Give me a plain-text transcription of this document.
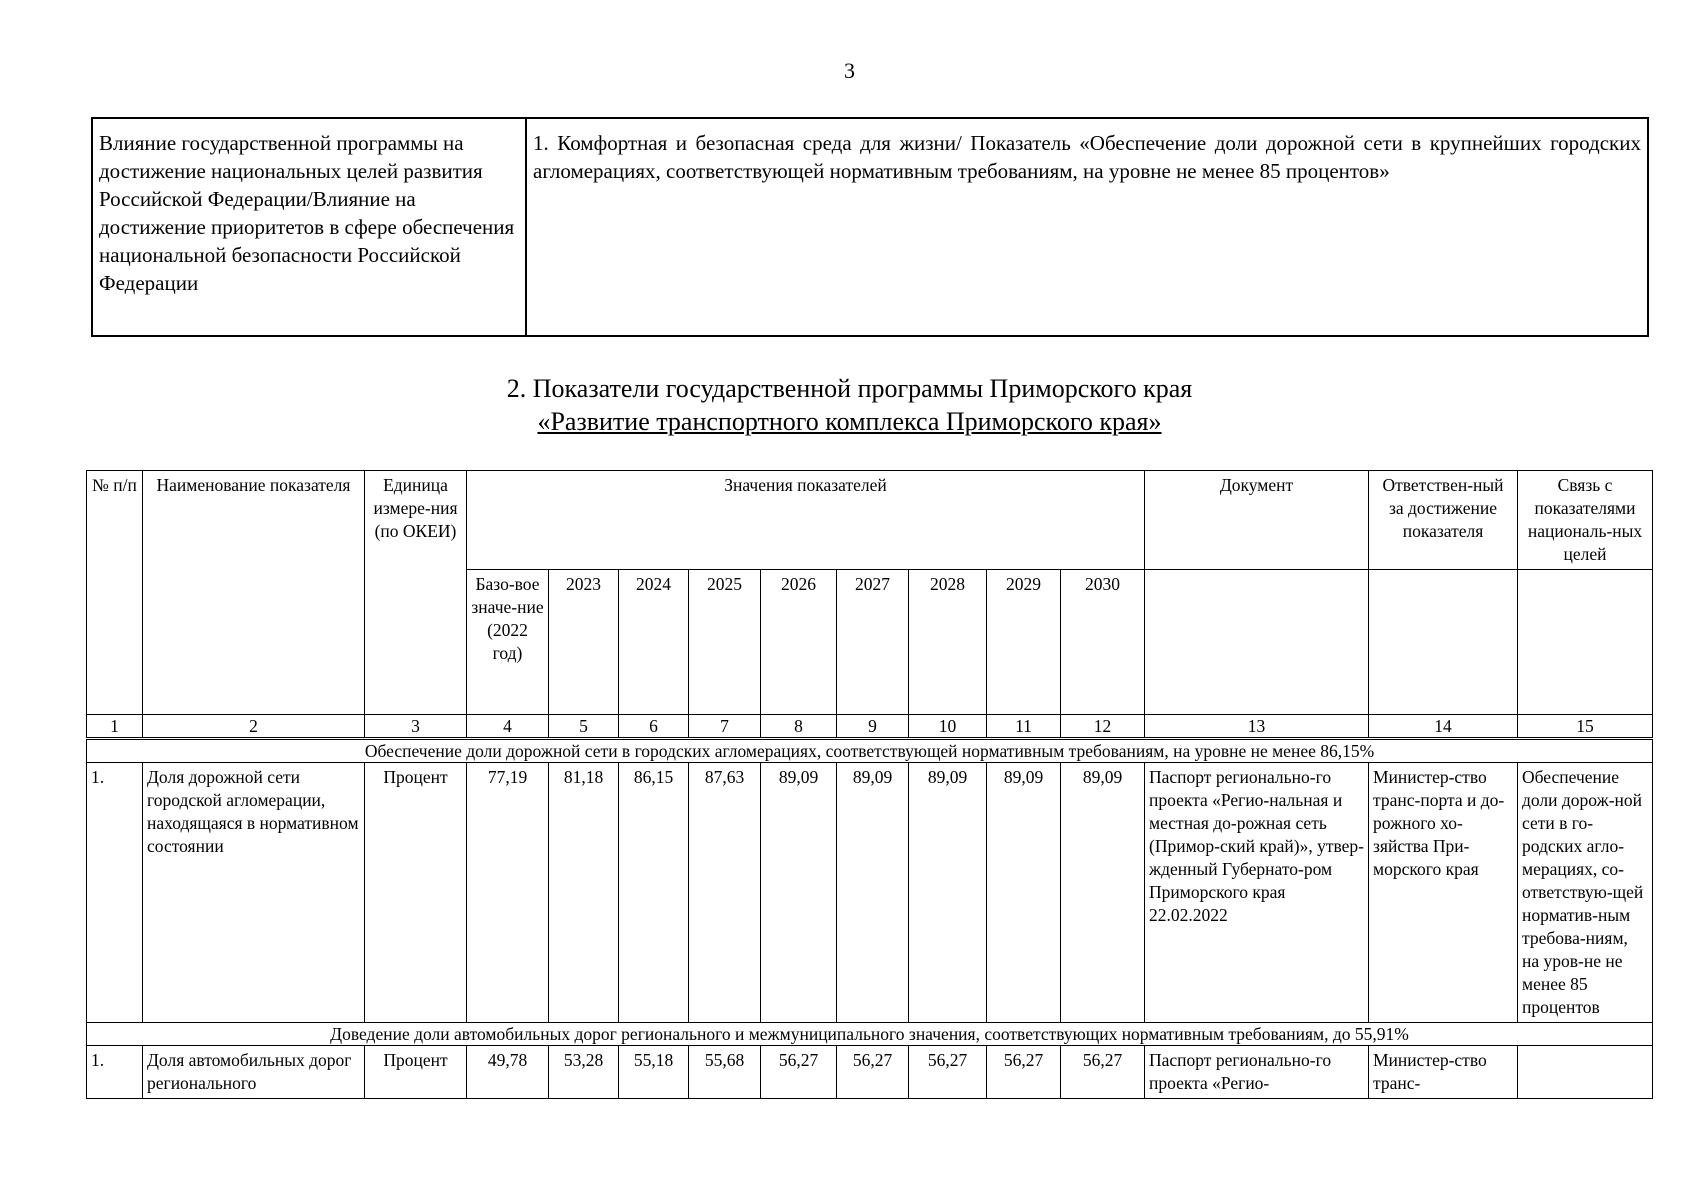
3
Влияние государственной программы на достижение национальных целей развития Российской Федерации/Влияние на достижение приоритетов в сфере обеспечения национальной безопасности Российской Федерации	1. Комфортная и безопасная среда для жизни/ Показатель «Обеспечение доли дорожной сети в крупнейших городских агломерациях, соответствующей нормативным требованиям, на уровне не менее 85 процентов»
2. Показатели государственной программы Приморского края
«Развитие транспортного комплекса Приморского края»
№ п/п	Наименование показателя	Единица измере-ния (по ОКЕИ)	Значения показателей									Документ	Ответствен-ный за достижение показателя	Связь с показателями националь-ных целей
			Базо-вое значе-ние (2022 год)	2023	2024	2025	2026	2027	2028	2029	2030			
1	2	3	4	5	6	7	8	9	10	11	12	13	14	15
Обеспечение доли дорожной сети в городских агломерациях, соответствующей нормативным требованиям, на уровне не менее 86,15%														
1.	Доля дорожной сети городской агломерации, находящаяся в нормативном состоянии	Процент	77,19	81,18	86,15	87,63	89,09	89,09	89,09	89,09	89,09	Паспорт регионально-го проекта «Регио-нальная и местная до-рожная сеть (Примор-ский край)», утвер-жденный Губернато-ром Приморского края 22.02.2022	Министер-ство транс-порта и до-рожного хо-зяйства При-морского края	Обеспечение доли дорож-ной сети в го-родских агло-мерациях, со-ответствую-щей норматив-ным требова-ниям, на уров-не не менее 85 процентов
Доведение доли автомобильных дорог регионального и межмуниципального значения, соответствующих нормативным требованиям, до 55,91%														
1.	Доля автомобильных дорог регионального	Процент	49,78	53,28	55,18	55,68	56,27	56,27	56,27	56,27	56,27	Паспорт регионально-го проекта «Регио-	Министер-ство транс-	
